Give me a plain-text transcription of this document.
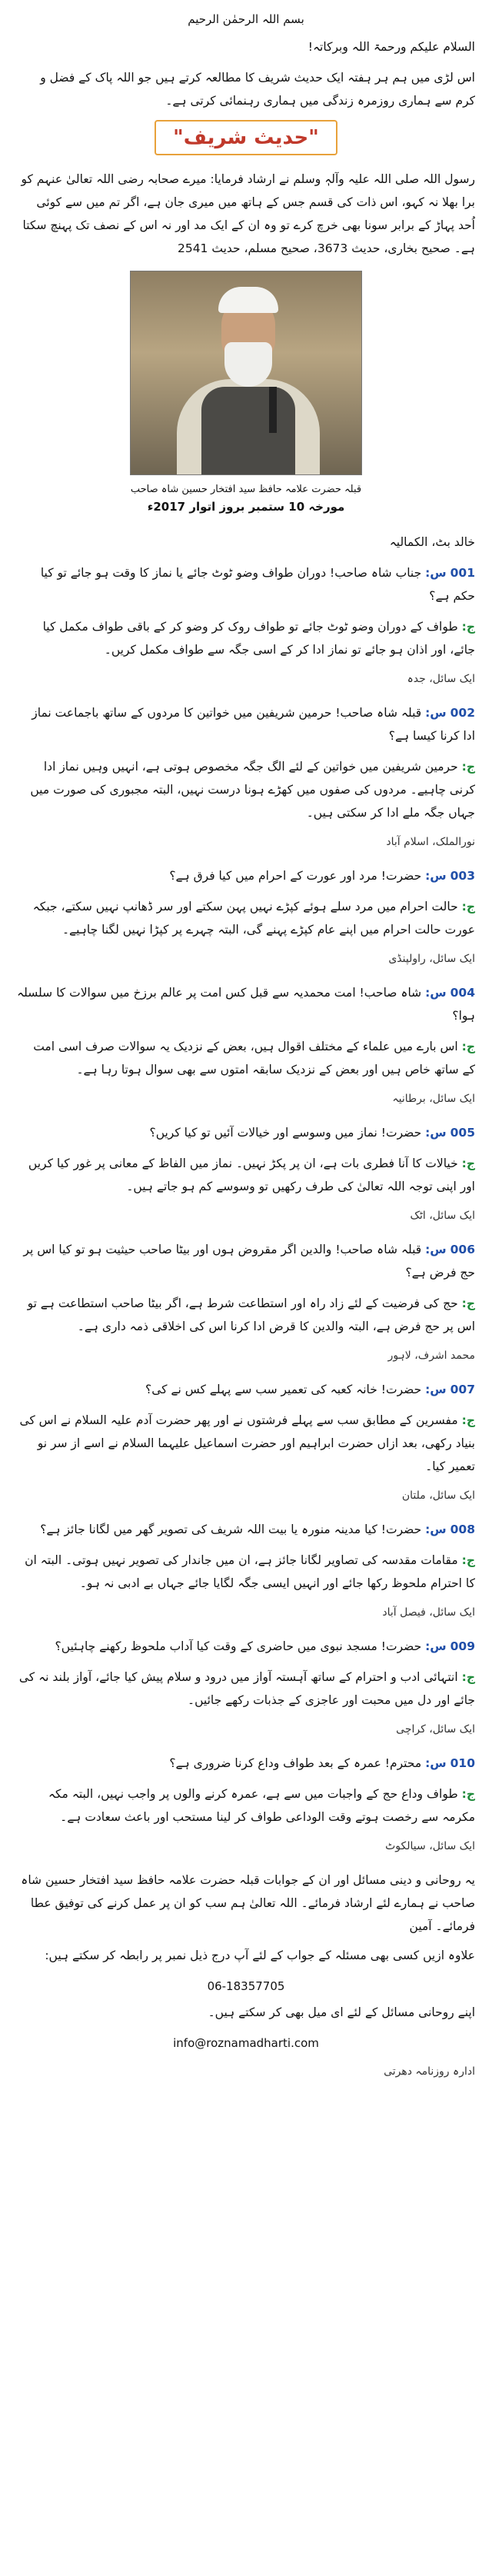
بسم اللہ الرحمٰن الرحیم

السلام علیکم ورحمۃ اللہ وبرکاتہ!

اس لڑی میں ہم ہر ہفتہ ایک حدیث شریف کا مطالعہ کرتے ہیں جو اللہ پاک کے فضل و کرم سے ہماری روزمرہ زندگی میں ہماری رہنمائی کرتی ہے۔

"حدیث شریف"

رسول اللہ صلی اللہ علیہ وآلہٖ وسلم نے ارشاد فرمایا: میرے صحابہ رضی اللہ تعالیٰ عنہم کو برا بھلا نہ کہو، اس ذات کی قسم جس کے ہاتھ میں میری جان ہے، اگر تم میں سے کوئی اُحد پہاڑ کے برابر سونا بھی خرچ کرے تو وہ ان کے ایک مد اور نہ اس کے نصف تک پہنچ سکتا ہے۔ صحیح بخاری، حدیث 3673، صحیح مسلم، حدیث 2541

قبلہ حضرت علامہ حافظ سید افتخار حسین شاہ صاحب

مورخہ 10 ستمبر بروز اتوار 2017ء

خالد بٹ، الکمالیہ

001 س: جناب شاہ صاحب! دوران طواف وضو ٹوٹ جائے یا نماز کا وقت ہو جائے تو کیا حکم ہے؟

ج: طواف کے دوران وضو ٹوٹ جائے تو طواف روک کر وضو کر کے باقی طواف مکمل کیا جائے، اور اذان ہو جائے تو نماز ادا کر کے اسی جگہ سے طواف مکمل کریں۔

ایک سائل، جدہ

002 س: قبلہ شاہ صاحب! حرمین شریفین میں خواتین کا مردوں کے ساتھ باجماعت نماز ادا کرنا کیسا ہے؟

ج: حرمین شریفین میں خواتین کے لئے الگ جگہ مخصوص ہوتی ہے، انہیں وہیں نماز ادا کرنی چاہیے۔ مردوں کی صفوں میں کھڑے ہونا درست نہیں، البتہ مجبوری کی صورت میں جہاں جگہ ملے ادا کر سکتی ہیں۔

نورالملک، اسلام آباد

003 س: حضرت! مرد اور عورت کے احرام میں کیا فرق ہے؟

ج: حالت احرام میں مرد سلے ہوئے کپڑے نہیں پہن سکتے اور سر ڈھانپ نہیں سکتے، جبکہ عورت حالت احرام میں اپنے عام کپڑے پہنے گی، البتہ چہرے پر کپڑا نہیں لگنا چاہیے۔

ایک سائل، راولپنڈی

004 س: شاہ صاحب! امت محمدیہ سے قبل کس امت پر عالم برزخ میں سوالات کا سلسلہ ہوا؟

ج: اس بارے میں علماء کے مختلف اقوال ہیں، بعض کے نزدیک یہ سوالات صرف اسی امت کے ساتھ خاص ہیں اور بعض کے نزدیک سابقہ امتوں سے بھی سوال ہوتا رہا ہے۔

ایک سائل، برطانیہ

005 س: حضرت! نماز میں وسوسے اور خیالات آئیں تو کیا کریں؟

ج: خیالات کا آنا فطری بات ہے، ان پر پکڑ نہیں۔ نماز میں الفاظ کے معانی پر غور کیا کریں اور اپنی توجہ اللہ تعالیٰ کی طرف رکھیں تو وسوسے کم ہو جاتے ہیں۔

ایک سائل، اٹک

006 س: قبلہ شاہ صاحب! والدین اگر مقروض ہوں اور بیٹا صاحب حیثیت ہو تو کیا اس پر حج فرض ہے؟

ج: حج کی فرضیت کے لئے زاد راہ اور استطاعت شرط ہے، اگر بیٹا صاحب استطاعت ہے تو اس پر حج فرض ہے، البتہ والدین کا قرض ادا کرنا اس کی اخلاقی ذمہ داری ہے۔

محمد اشرف، لاہور

007 س: حضرت! خانہ کعبہ کی تعمیر سب سے پہلے کس نے کی؟

ج: مفسرین کے مطابق سب سے پہلے فرشتوں نے اور پھر حضرت آدم علیہ السلام نے اس کی بنیاد رکھی، بعد ازاں حضرت ابراہیم اور حضرت اسماعیل علیہما السلام نے اسے از سر نو تعمیر کیا۔

ایک سائل، ملتان

008 س: حضرت! کیا مدینہ منورہ یا بیت اللہ شریف کی تصویر گھر میں لگانا جائز ہے؟

ج: مقامات مقدسہ کی تصاویر لگانا جائز ہے، ان میں جاندار کی تصویر نہیں ہوتی۔ البتہ ان کا احترام ملحوظ رکھا جائے اور انہیں ایسی جگہ لگایا جائے جہاں بے ادبی نہ ہو۔

ایک سائل، فیصل آباد

009 س: حضرت! مسجد نبوی میں حاضری کے وقت کیا آداب ملحوظ رکھنے چاہئیں؟

ج: انتہائی ادب و احترام کے ساتھ آہستہ آواز میں درود و سلام پیش کیا جائے، آواز بلند نہ کی جائے اور دل میں محبت اور عاجزی کے جذبات رکھے جائیں۔

ایک سائل، کراچی

010 س: محترم! عمرہ کے بعد طواف وداع کرنا ضروری ہے؟

ج: طواف وداع حج کے واجبات میں سے ہے، عمرہ کرنے والوں پر واجب نہیں، البتہ مکہ مکرمہ سے رخصت ہوتے وقت الوداعی طواف کر لینا مستحب اور باعث سعادت ہے۔

ایک سائل، سیالکوٹ

یہ روحانی و دینی مسائل اور ان کے جوابات قبلہ حضرت علامہ حافظ سید افتخار حسین شاہ صاحب نے ہمارے لئے ارشاد فرمائے۔ اللہ تعالیٰ ہم سب کو ان پر عمل کرنے کی توفیق عطا فرمائے۔ آمین

علاوہ ازیں کسی بھی مسئلہ کے جواب کے لئے آپ درج ذیل نمبر پر رابطہ کر سکتے ہیں:

06-18357705

اپنے روحانی مسائل کے لئے ای میل بھی کر سکتے ہیں۔

info@roznamadharti.com
ادارہ روزنامہ دھرتی
